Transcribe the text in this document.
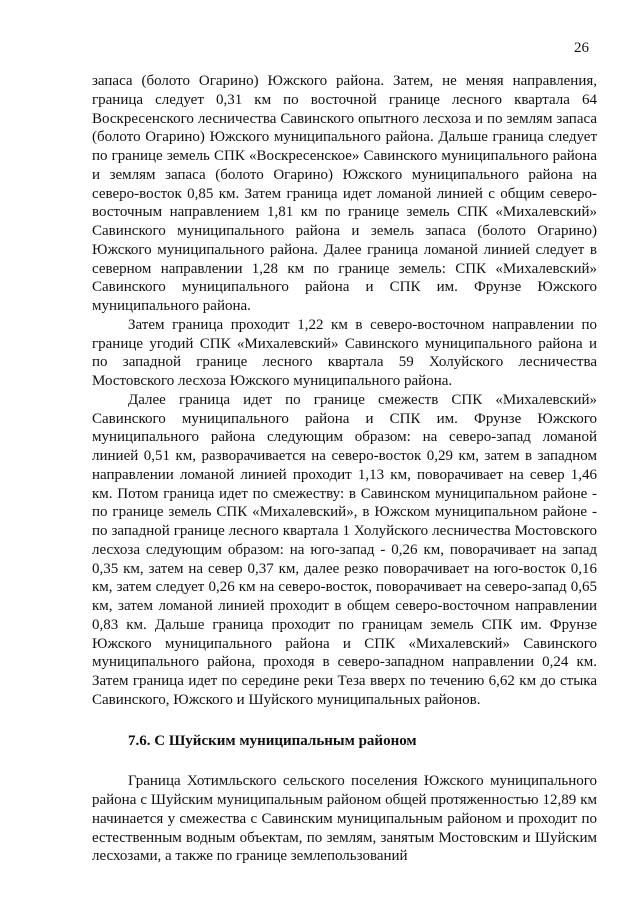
26

запаса (болото Огарино) Южского района. Затем, не меняя направления, граница следует 0,31 км по восточной границе лесного квартала 64 Воскресенского лесничества Савинского опытного лесхоза и по землям запаса (болото Огарино) Южского муниципального района. Дальше граница следует по границе земель СПК «Воскресенское» Савинского муниципального района и землям запаса (болото Огарино) Южского муниципального района на северо-восток 0,85 км. Затем граница идет ломаной линией с общим северо-восточным направлением 1,81 км по границе земель СПК «Михалевский» Савинского муниципального района и земель запаса (болото Огарино) Южского муниципального района. Далее граница ломаной линией следует в северном направлении 1,28 км по границе земель: СПК «Михалевский» Савинского муниципального района и СПК им. Фрунзе Южского муниципального района.

Затем граница проходит 1,22 км в северо-восточном направлении по границе угодий СПК «Михалевский» Савинского муниципального района и по западной границе лесного квартала 59 Холуйского лесничества Мостовского лесхоза Южского муниципального района.

Далее граница идет по границе смежеств СПК «Михалевский» Савинского муниципального района и СПК им. Фрунзе Южского муниципального района следующим образом: на северо-запад ломаной линией 0,51 км, разворачивается на северо-восток 0,29 км, затем в западном направлении ломаной линией проходит 1,13 км, поворачивает на север 1,46 км. Потом граница идет по смежеству: в Савинском муниципальном районе - по границе земель СПК «Михалевский», в Южском муниципальном районе - по западной границе лесного квартала 1 Холуйского лесничества Мостовского лесхоза следующим образом: на юго-запад - 0,26 км, поворачивает на запад 0,35 км, затем на север 0,37 км, далее резко поворачивает на юго-восток 0,16 км, затем следует 0,26 км на северо-восток, поворачивает на северо-запад 0,65 км, затем ломаной линией проходит в общем северо-восточном направлении 0,83 км. Дальше граница проходит по границам земель СПК им. Фрунзе Южского муниципального района и СПК «Михалевский» Савинского муниципального района, проходя в северо-западном направлении 0,24 км. Затем граница идет по середине реки Теза вверх по течению 6,62 км до стыка Савинского, Южского и Шуйского муниципальных районов.

7.6. С Шуйским муниципальным районом

Граница Хотимльского сельского поселения Южского муниципального района с Шуйским муниципальным районом общей протяженностью 12,89 км начинается у смежества с Савинским муниципальным районом и проходит по естественным водным объектам, по землям, занятым Мостовским и Шуйским лесхозами, а также по границе землепользований
